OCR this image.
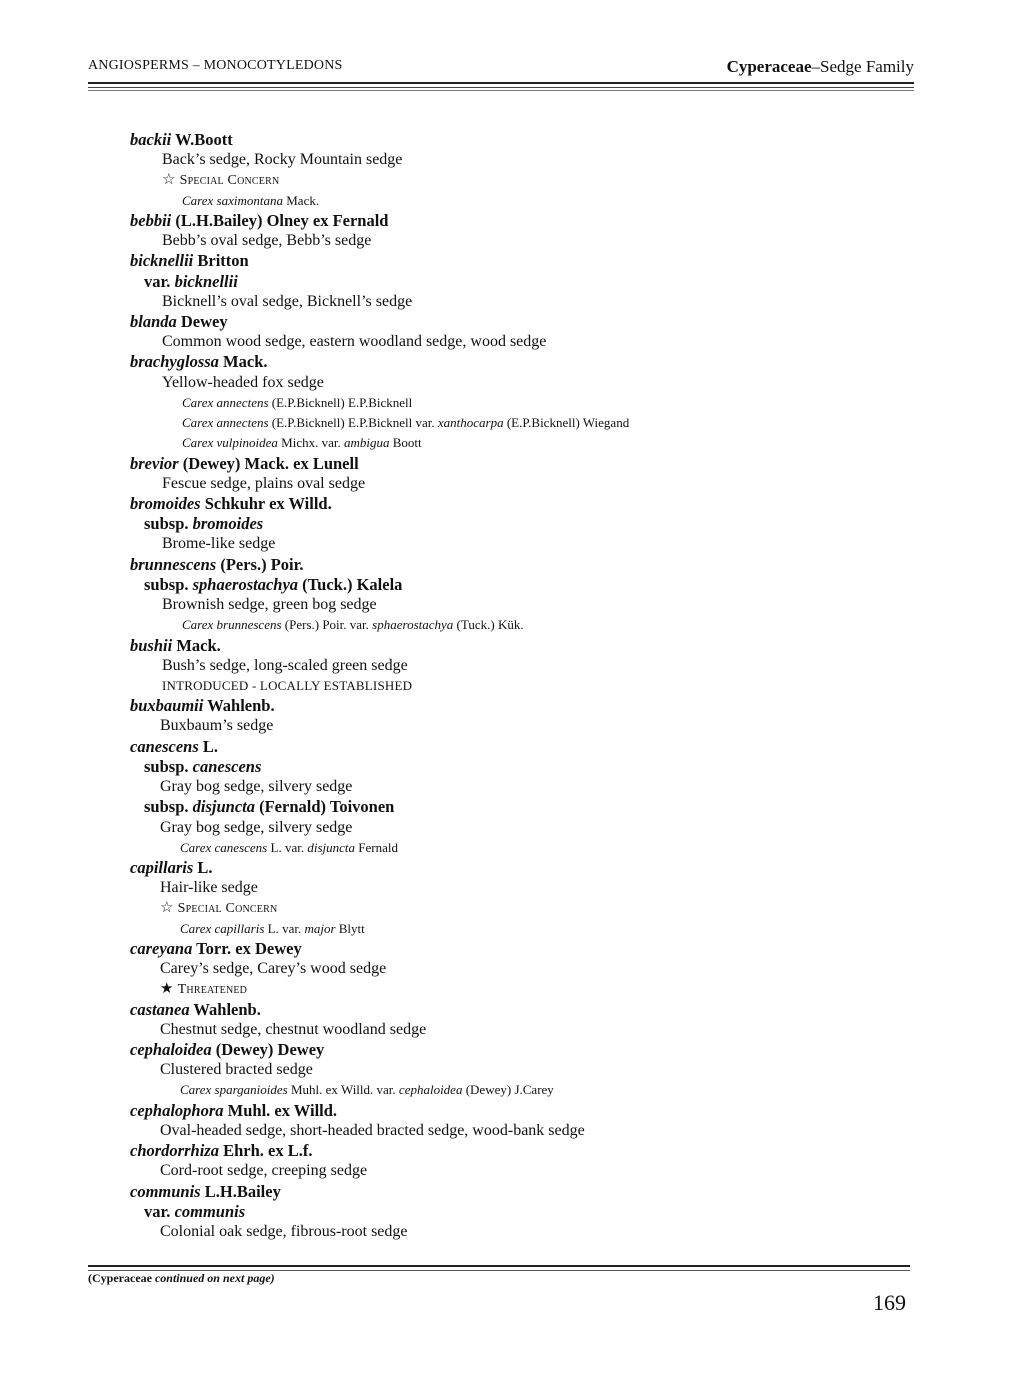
ANGIOSPERMS – MONOCOTYLEDONS	Cyperaceae–Sedge Family
backii W.Boott
Back’s sedge, Rocky Mountain sedge
☆ Special Concern
Carex saximontana Mack.
bebbii (L.H.Bailey) Olney ex Fernald
Bebb’s oval sedge, Bebb’s sedge
bicknellii Britton
var. bicknellii
Bicknell’s oval sedge, Bicknell’s sedge
blanda Dewey
Common wood sedge, eastern woodland sedge, wood sedge
brachyglossa Mack.
Yellow-headed fox sedge
Carex annectens (E.P.Bicknell) E.P.Bicknell
Carex annectens (E.P.Bicknell) E.P.Bicknell var. xanthocarpa (E.P.Bicknell) Wiegand
Carex vulpinoidea Michx. var. ambigua Boott
brevior (Dewey) Mack. ex Lunell
Fescue sedge, plains oval sedge
bromoides Schkuhr ex Willd.
subsp. bromoides
Brome-like sedge
brunnescens (Pers.) Poir.
subsp. sphaerostachya (Tuck.) Kalela
Brownish sedge, green bog sedge
Carex brunnescens (Pers.) Poir. var. sphaerostachya (Tuck.) Kük.
bushii Mack.
Bush’s sedge, long-scaled green sedge
INTRODUCED - LOCALLY ESTABLISHED
buxbaumii Wahlenb.
Buxbaum’s sedge
canescens L.
subsp. canescens
Gray bog sedge, silvery sedge
subsp. disjuncta (Fernald) Toivonen
Gray bog sedge, silvery sedge
Carex canescens L. var. disjuncta Fernald
capillaris L.
Hair-like sedge
☆ Special Concern
Carex capillaris L. var. major Blytt
careyana Torr. ex Dewey
Carey’s sedge, Carey’s wood sedge
★ Threatened
castanea Wahlenb.
Chestnut sedge, chestnut woodland sedge
cephaloidea (Dewey) Dewey
Clustered bracted sedge
Carex sparganioides Muhl. ex Willd. var. cephaloidea (Dewey) J.Carey
cephalophora Muhl. ex Willd.
Oval-headed sedge, short-headed bracted sedge, wood-bank sedge
chordorrhiza Ehrh. ex L.f.
Cord-root sedge, creeping sedge
communis L.H.Bailey
var. communis
Colonial oak sedge, fibrous-root sedge
(Cyperaceae continued on next page)
169
